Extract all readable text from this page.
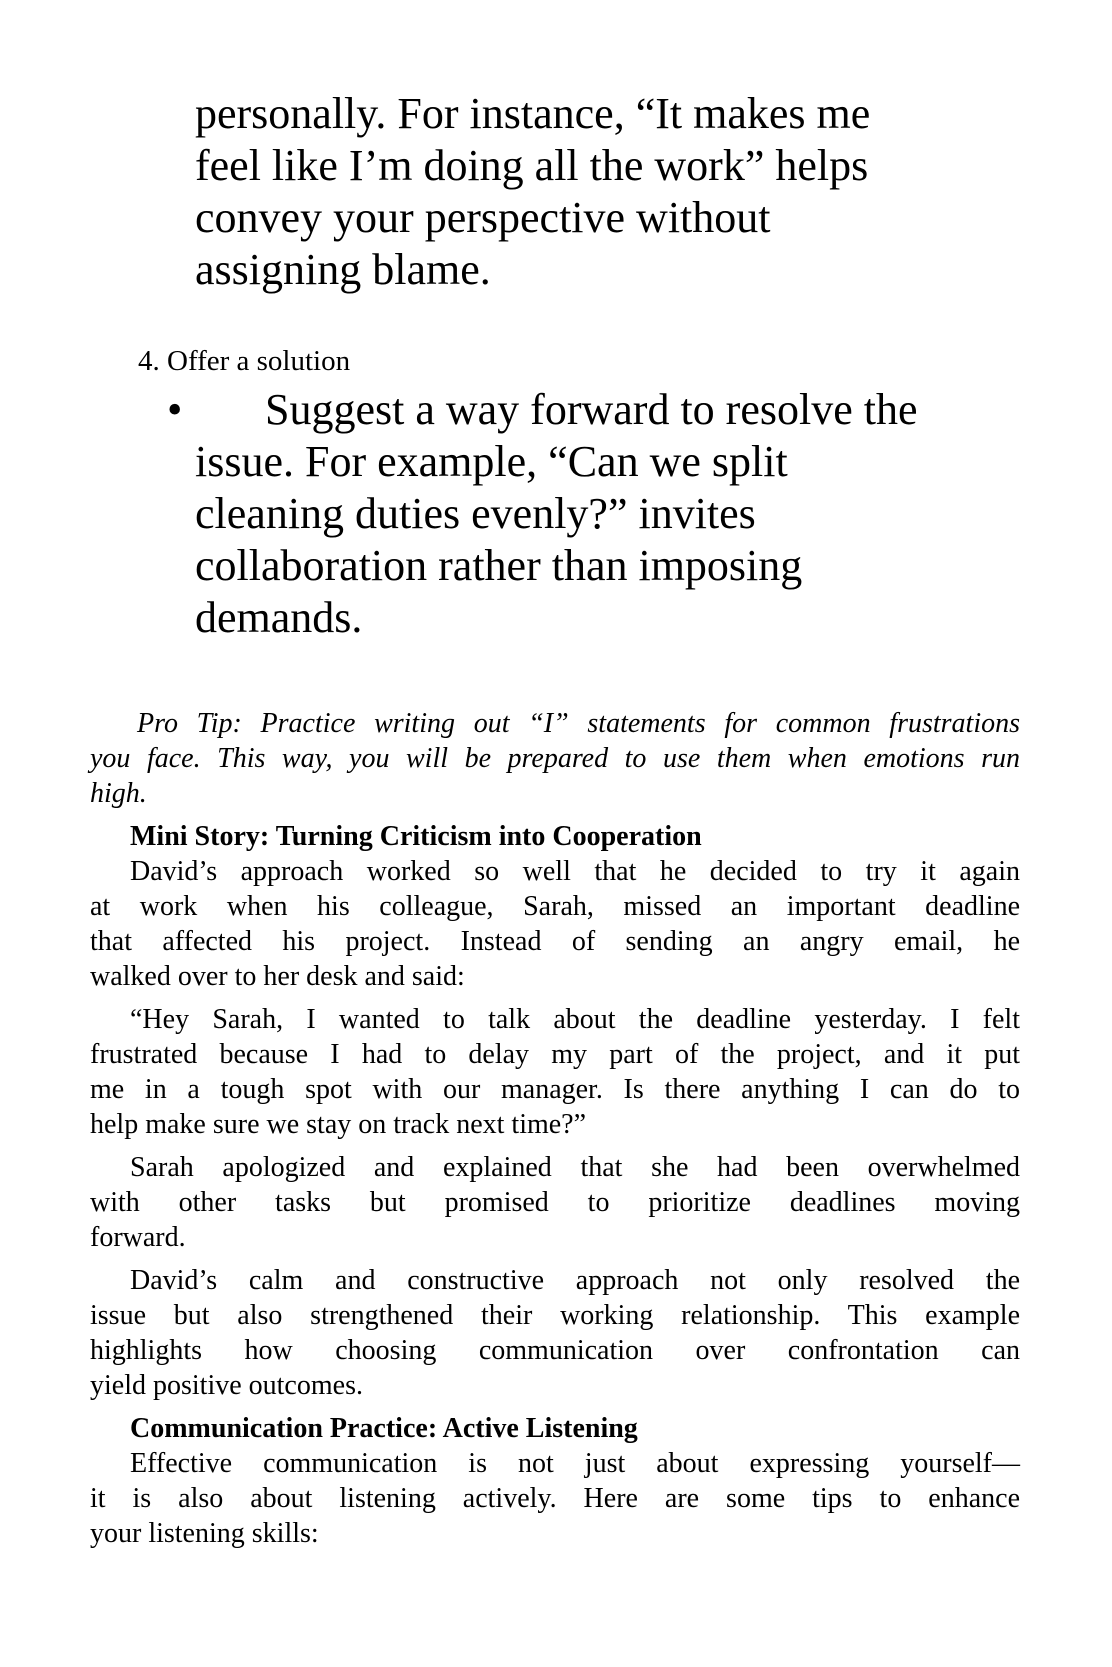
personally. For instance, “It makes me
feel like I’m doing all the work” helps
convey your perspective without
assigning blame.
4. Offer a solution
•	Suggest a way forward to resolve the
issue. For example, “Can we split
cleaning duties evenly?” invites
collaboration rather than imposing
demands.
Pro Tip: Practice writing out “I” statements for common frustrations
you face. This way, you will be prepared to use them when emotions run
high.
Mini Story: Turning Criticism into Cooperation
David’s approach worked so well that he decided to try it again
at work when his colleague, Sarah, missed an important deadline
that affected his project. Instead of sending an angry email, he
walked over to her desk and said:
“Hey Sarah, I wanted to talk about the deadline yesterday. I felt
frustrated because I had to delay my part of the project, and it put
me in a tough spot with our manager. Is there anything I can do to
help make sure we stay on track next time?”
Sarah apologized and explained that she had been overwhelmed
with other tasks but promised to prioritize deadlines moving
forward.
David’s calm and constructive approach not only resolved the
issue but also strengthened their working relationship. This example
highlights how choosing communication over confrontation can
yield positive outcomes.
Communication Practice: Active Listening
Effective communication is not just about expressing yourself—
it is also about listening actively. Here are some tips to enhance
your listening skills:
